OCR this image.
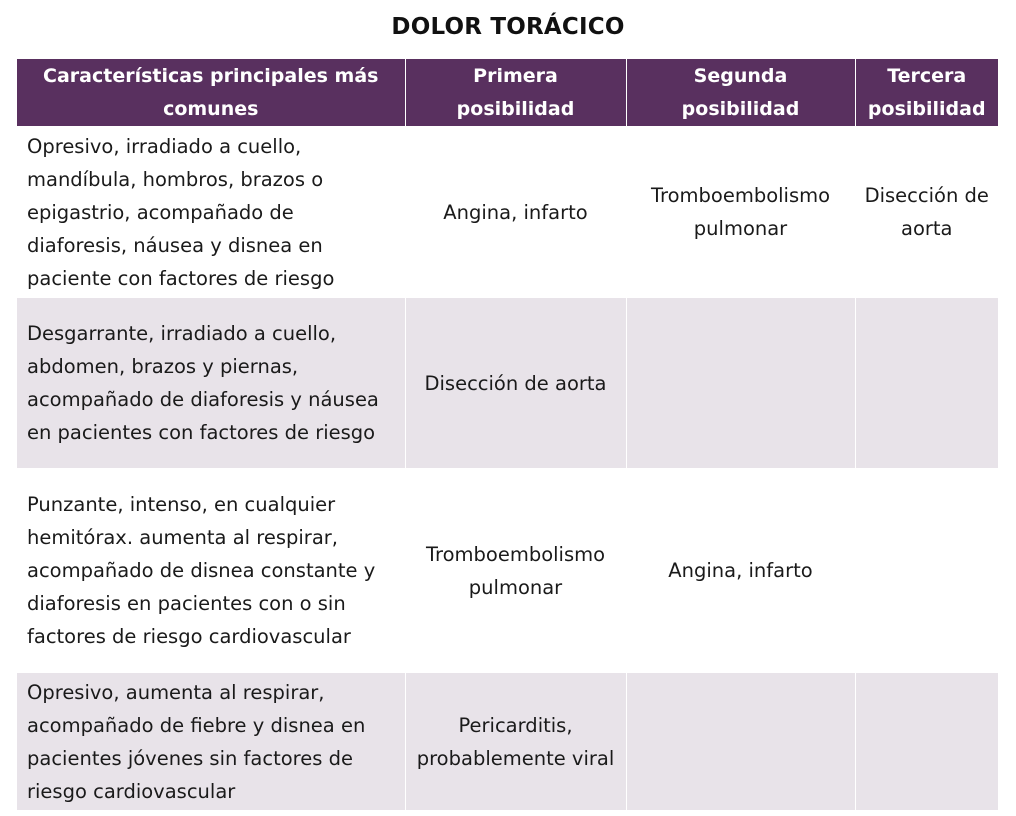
DOLOR TORÁCICO
Características principales más comunes	Primera posibilidad	Segunda posibilidad	Tercera posibilidad
Opresivo, irradiado a cuello, mandíbula, hombros, brazos o epigastrio, acompañado de diaforesis, náusea y disnea en paciente con factores de riesgo	Angina, infarto	Tromboembolismo pulmonar	Disección de aorta
Desgarrante, irradiado a cuello, abdomen, brazos y piernas, acompañado de diaforesis y náusea en pacientes con factores de riesgo	Disección de aorta		
Punzante, intenso, en cualquier hemitórax. aumenta al respirar, acompañado de disnea constante y diaforesis en pacientes con o sin factores de riesgo cardiovascular	Tromboembolismo pulmonar	Angina, infarto	
Opresivo, aumenta al respirar, acompañado de fiebre y disnea en pacientes jóvenes sin factores de riesgo cardiovascular	Pericarditis, probablemente viral		
